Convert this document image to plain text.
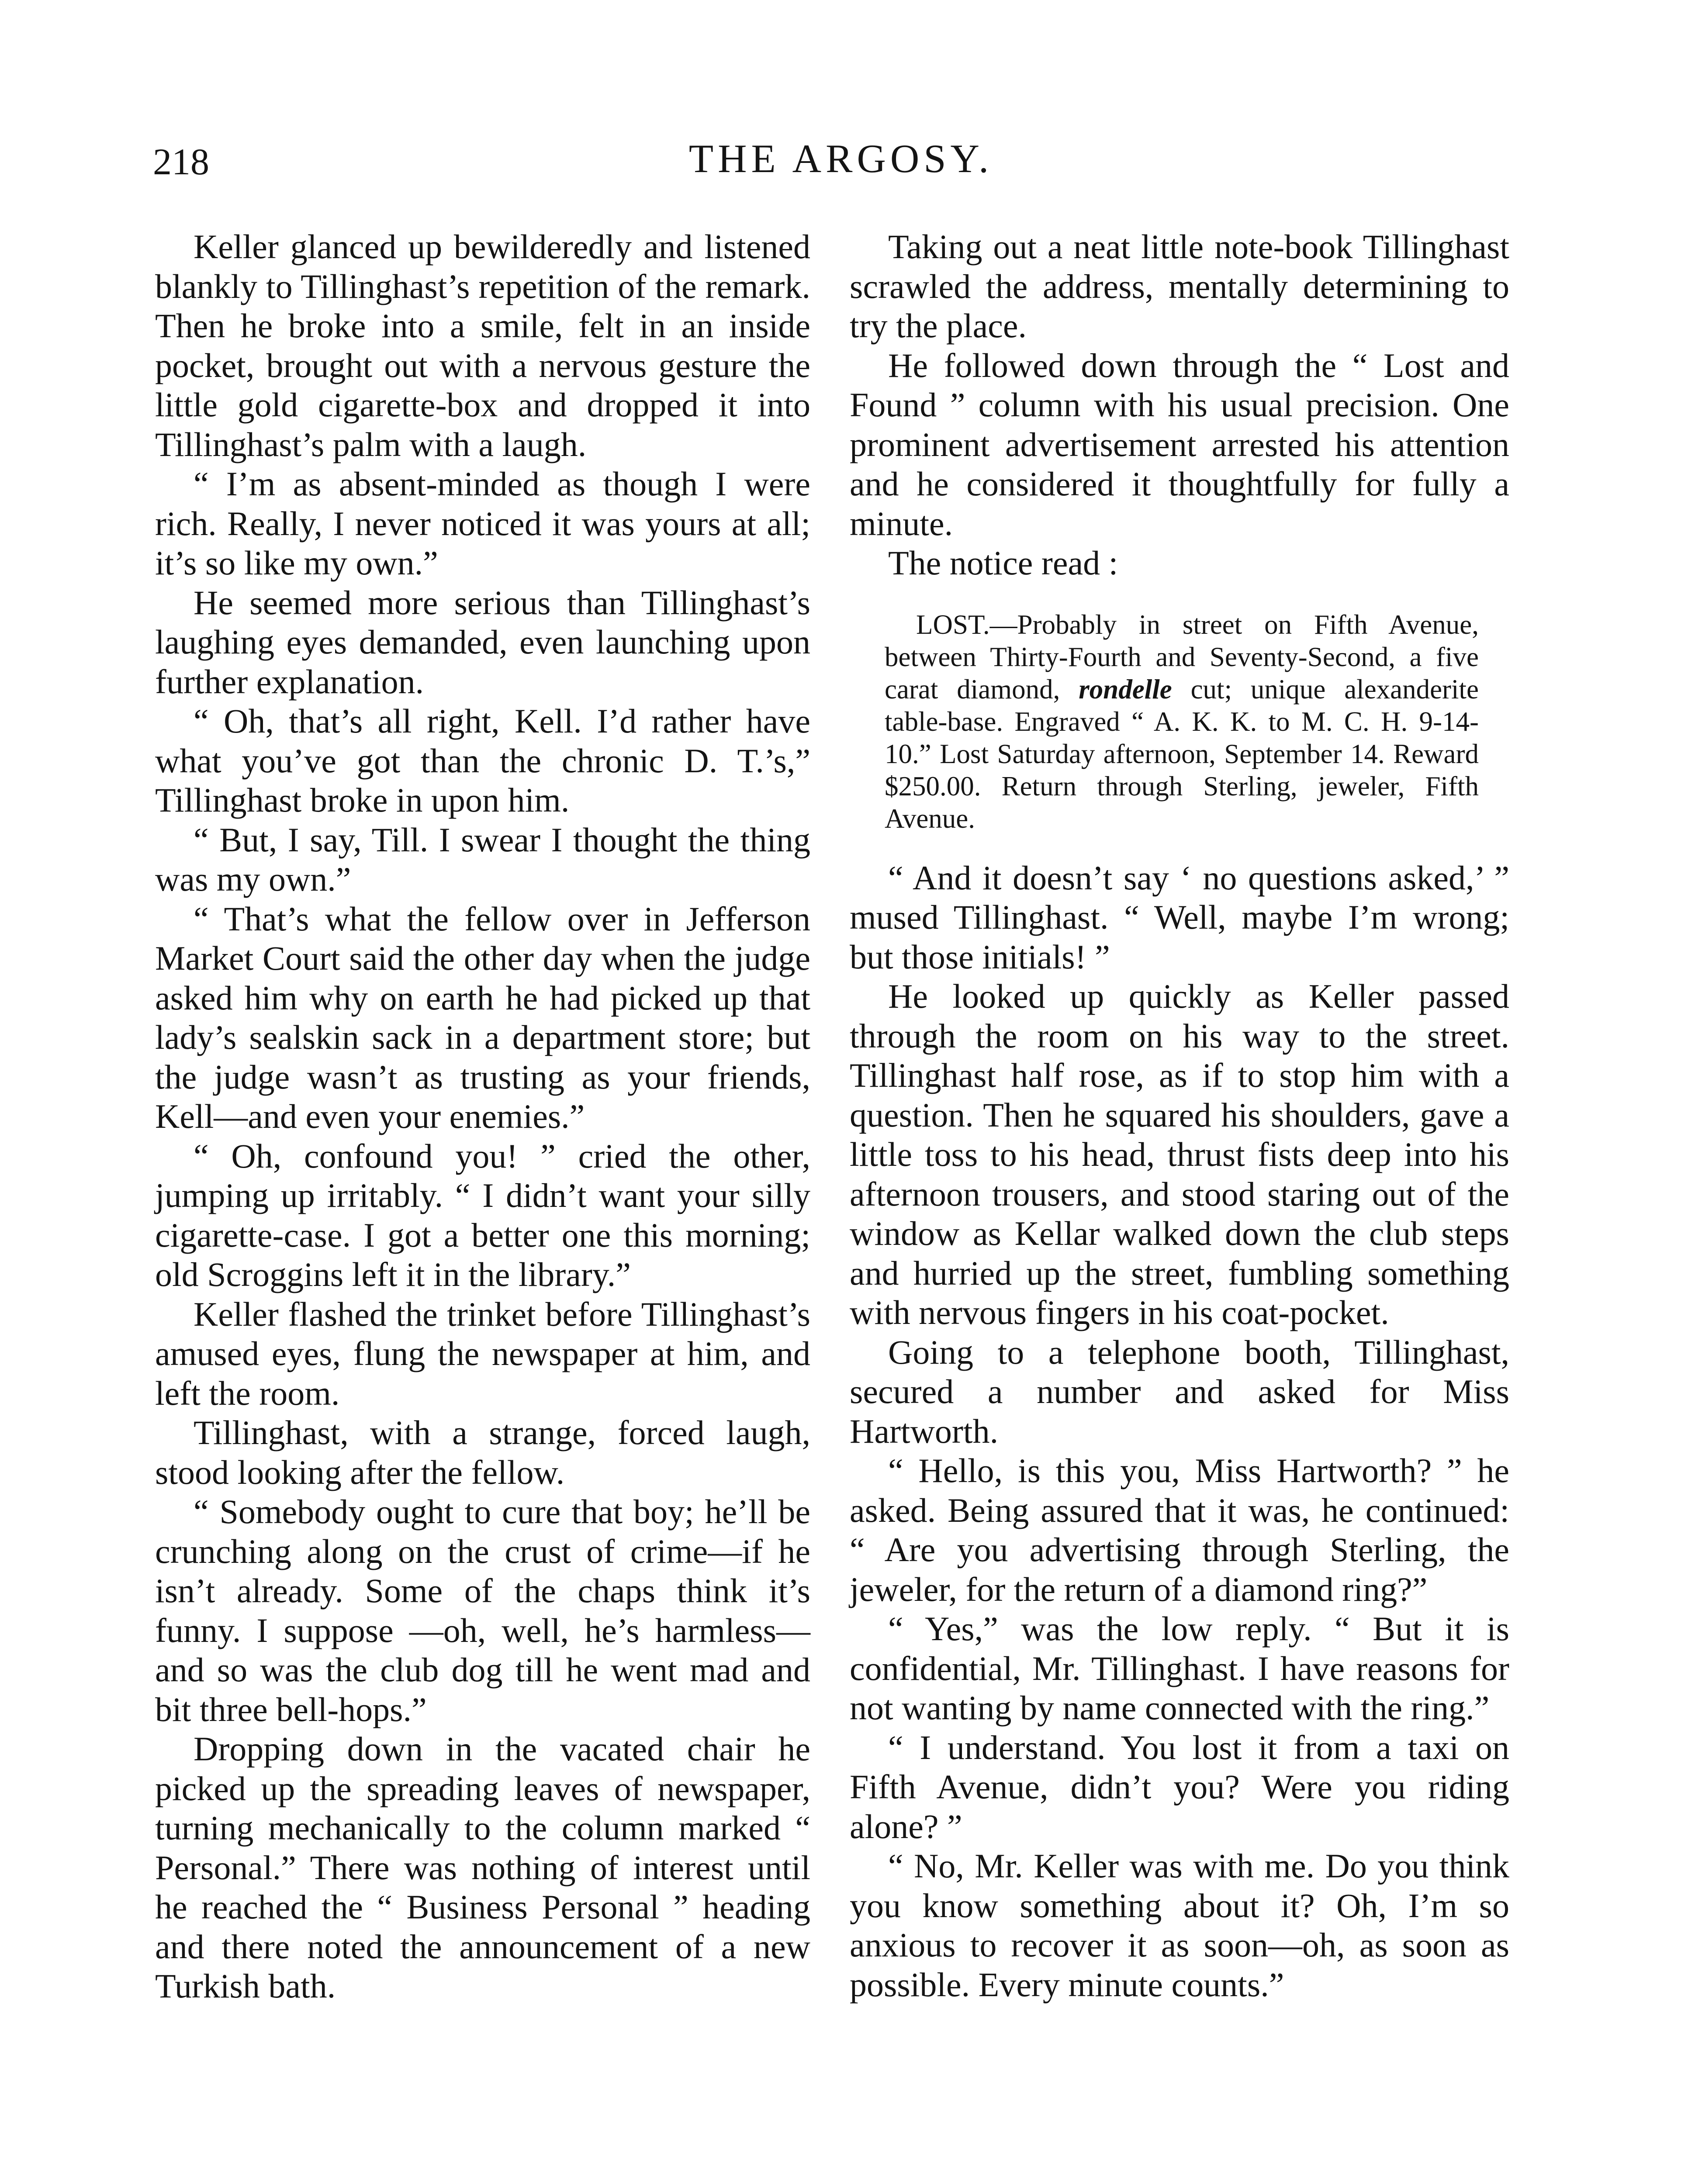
218	THE ARGOSY.

Keller glanced up bewilderedly and listened blankly to Tillinghast’s repetition of the remark. Then he broke into a smile, felt in an inside pocket, brought out with a nervous gesture the little gold cigarette-box and dropped it into Tillinghast’s palm with a laugh.

“ I’m as absent-minded as though I were rich. Really, I never noticed it was yours at all; it’s so like my own.”

He seemed more serious than Tillinghast’s laughing eyes demanded, even launching upon further explanation.

“ Oh, that’s all right, Kell. I’d rather have what you’ve got than the chronic D. T.’s,” Tillinghast broke in upon him.

“ But, I say, Till. I swear I thought the thing was my own.”

“ That’s what the fellow over in Jefferson Market Court said the other day when the judge asked him why on earth he had picked up that lady’s sealskin sack in a department store; but the judge wasn’t as trusting as your friends, Kell—and even your enemies.”

“ Oh, confound you! ” cried the other, jumping up irritably. “ I didn’t want your silly cigarette-case. I got a better one this morning; old Scroggins left it in the library.”

Keller flashed the trinket before Tillinghast’s amused eyes, flung the newspaper at him, and left the room.

Tillinghast, with a strange, forced laugh, stood looking after the fellow.

“ Somebody ought to cure that boy; he’ll be crunching along on the crust of crime—if he isn’t already. Some of the chaps think it’s funny. I suppose —oh, well, he’s harmless—and so was the club dog till he went mad and bit three bell-hops.”

Dropping down in the vacated chair he picked up the spreading leaves of newspaper, turning mechanically to the column marked “ Personal.” There was nothing of interest until he reached the “ Business Personal ” heading and there noted the announcement of a new Turkish bath.

Taking out a neat little note-book Tillinghast scrawled the address, mentally determining to try the place.

He followed down through the “ Lost and Found ” column with his usual precision. One prominent advertisement arrested his attention and he considered it thoughtfully for fully a minute.

The notice read :

LOST.—Probably in street on Fifth Avenue, between Thirty-Fourth and Seventy-Second, a five carat diamond, rondelle cut; unique alexanderite table-base. Engraved “ A. K. K. to M. C. H. 9-14-10.” Lost Saturday afternoon, September 14. Reward $250.00. Return through Sterling, jeweler, Fifth Avenue.

“ And it doesn’t say ‘ no questions asked,’ ” mused Tillinghast. “ Well, maybe I’m wrong; but those initials! ”

He looked up quickly as Keller passed through the room on his way to the street. Tillinghast half rose, as if to stop him with a question. Then he squared his shoulders, gave a little toss to his head, thrust fists deep into his afternoon trousers, and stood staring out of the window as Kellar walked down the club steps and hurried up the street, fumbling something with nervous fingers in his coat-pocket.

Going to a telephone booth, Tillinghast, secured a number and asked for Miss Hartworth.

“ Hello, is this you, Miss Hartworth? ” he asked. Being assured that it was, he continued: “ Are you advertising through Sterling, the jeweler, for the return of a diamond ring?”

“ Yes,” was the low reply. “ But it is confidential, Mr. Tillinghast. I have reasons for not wanting by name connected with the ring.”

“ I understand. You lost it from a taxi on Fifth Avenue, didn’t you? Were you riding alone? ”

“ No, Mr. Keller was with me. Do you think you know something about it? Oh, I’m so anxious to recover it as soon—oh, as soon as possible. Every minute counts.”
